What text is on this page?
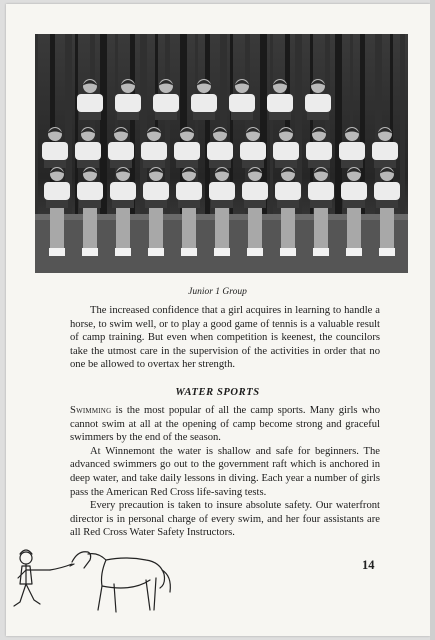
Junior 1 Group

The increased confidence that a girl acquires in learning to handle a horse, to swim well, or to play a good game of tennis is a valuable result of camp training. But even when competition is keenest, the councilors take the utmost care in the supervision of the activities in order that no one be allowed to overtax her strength.

WATER SPORTS

Swimming is the most popular of all the camp sports. Many girls who cannot swim at all at the opening of camp become strong and graceful swimmers by the end of the season.

At Winnemont the water is shallow and safe for beginners. The advanced swimmers go out to the government raft which is anchored in deep water, and take daily lessons in diving. Each year a number of girls pass the American Red Cross life-saving tests.

Every precaution is taken to insure absolute safety. Our waterfront director is in personal charge of every swim, and her four assistants are all Red Cross Water Safety Instructors.

14
